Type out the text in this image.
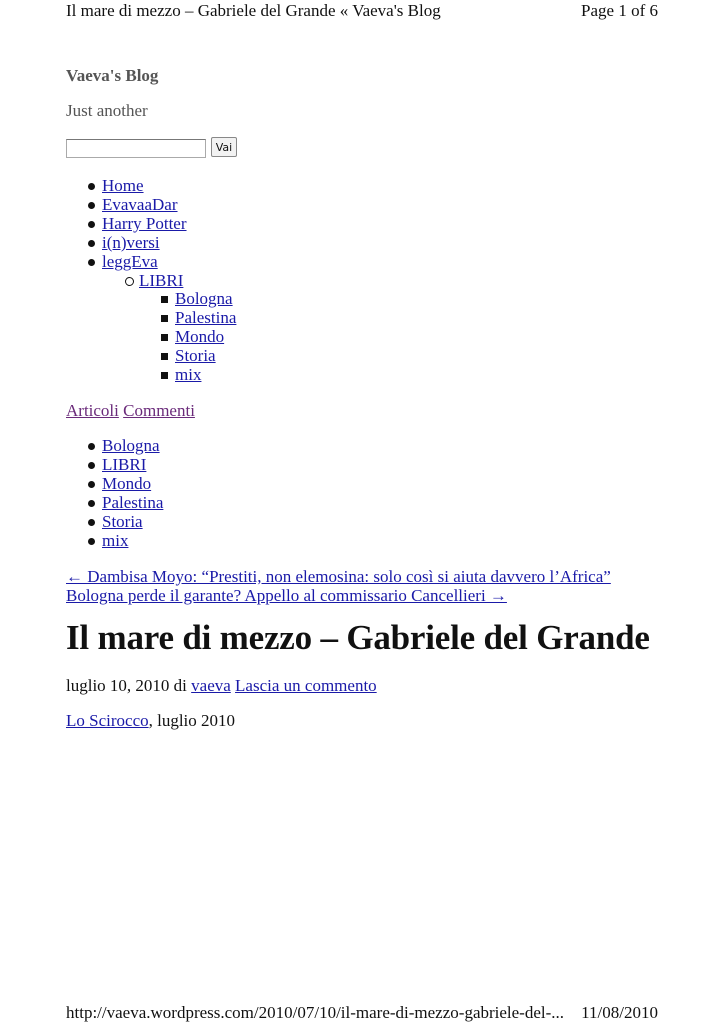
Il mare di mezzo – Gabriele del Grande « Vaeva's Blog	Page 1 of 6
Vaeva's Blog
Just another
Vai
Home
EvavaaDar
Harry Potter
i(n)versi
leggEva
LIBRI
Bologna
Palestina
Mondo
Storia
mix
Articoli Commenti
Bologna
LIBRI
Mondo
Palestina
Storia
mix
← Dambisa Moyo: “Prestiti, non elemosina: solo così si aiuta davvero l’Africa”
Bologna perde il garante? Appello al commissario Cancellieri →
Il mare di mezzo – Gabriele del Grande
luglio 10, 2010 di vaeva Lascia un commento
Lo Scirocco, luglio 2010
http://vaeva.wordpress.com/2010/07/10/il-mare-di-mezzo-gabriele-del-... 11/08/2010
